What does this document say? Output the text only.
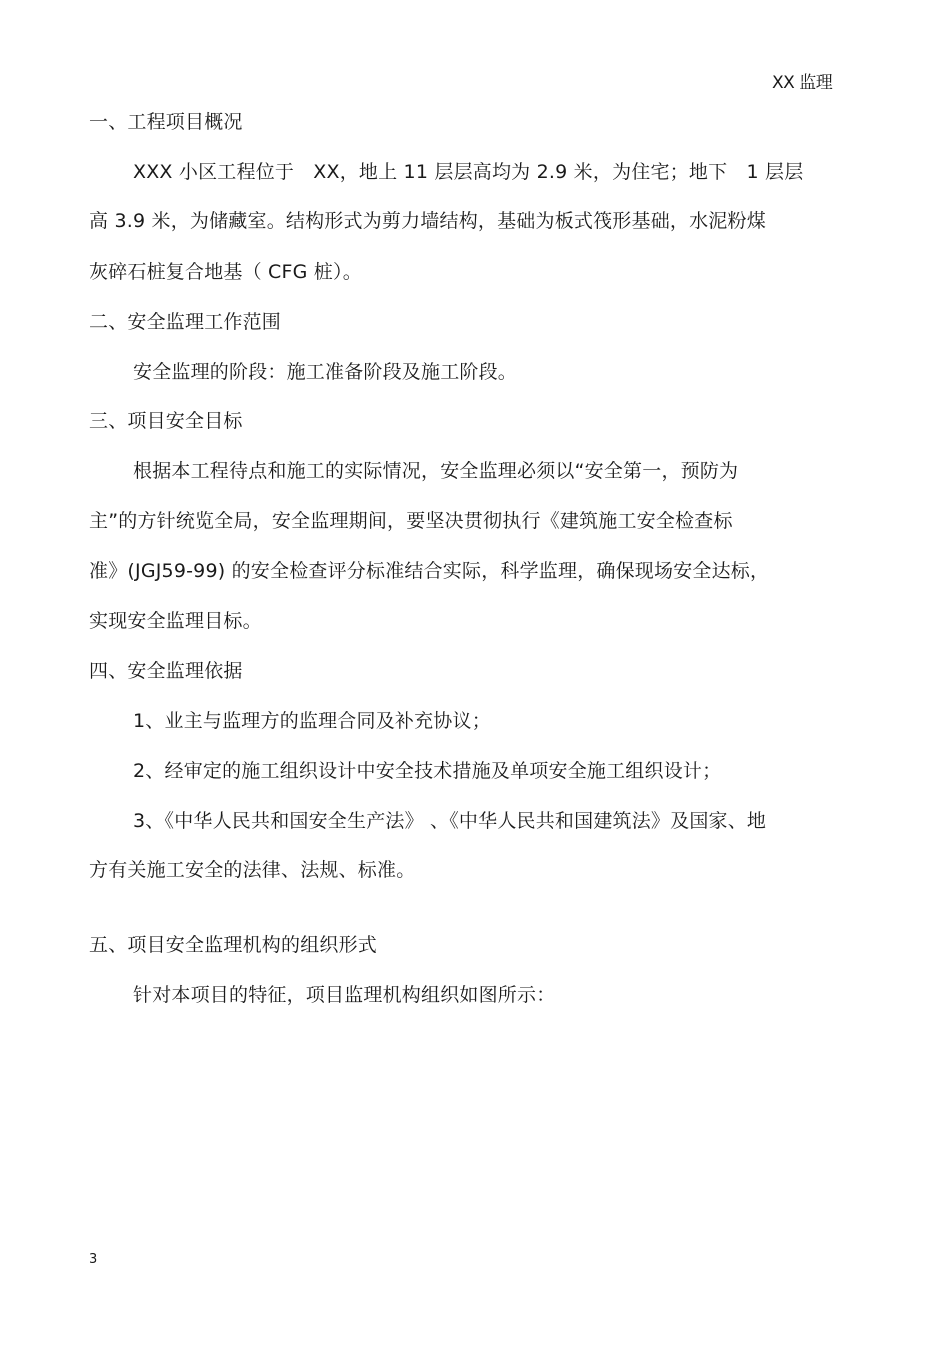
XX 监理
一、工程项目概况
XXX 小区工程位于　XX，地上 11 层层高均为 2.9 米，为住宅；地下　1 层层
高 3.9 米，为储藏室。结构形式为剪力墙结构，基础为板式筏形基础，水泥粉煤
灰碎石桩复合地基（ CFG 桩）。
二、安全监理工作范围
安全监理的阶段：施工准备阶段及施工阶段。
三、项目安全目标
根据本工程待点和施工的实际情况，安全监理必须以“安全第一，预防为
主”的方针统览全局，安全监理期间，要坚决贯彻执行《建筑施工安全检查标
准》(JGJ59-99) 的安全检查评分标准结合实际，科学监理，确保现场安全达标，
实现安全监理目标。
四、安全监理依据
1、业主与监理方的监理合同及补充协议；
2、经审定的施工组织设计中安全技术措施及单项安全施工组织设计；
3、《中华人民共和国安全生产法》 、《中华人民共和国建筑法》及国家、地
方有关施工安全的法律、法规、标准。
五、项目安全监理机构的组织形式
针对本项目的特征，项目监理机构组织如图所示：
3
